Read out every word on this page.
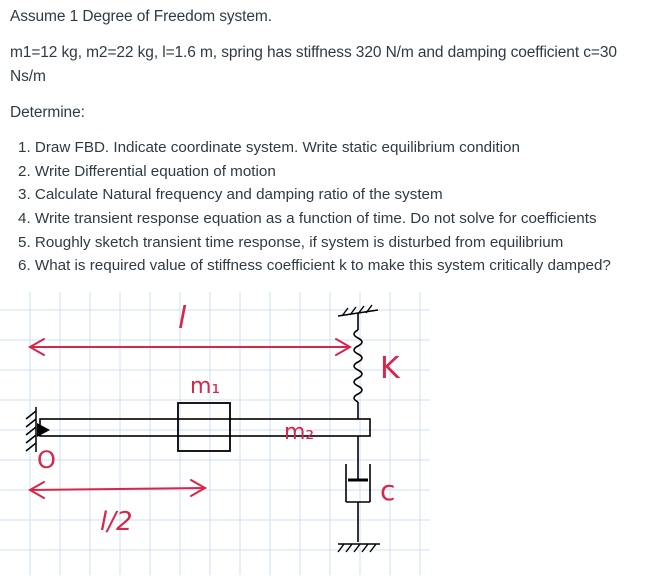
Assume 1 Degree of Freedom system.
m1=12 kg, m2=22 kg, l=1.6 m, spring has stiffness 320 N/m and damping coefficient c=30
Ns/m
Determine:
1. Draw FBD. Indicate coordinate system. Write static equilibrium condition
2. Write Differential equation of motion
3. Calculate Natural frequency and damping ratio of the system
4. Write transient response equation as a function of time. Do not solve for coefficients
5. Roughly sketch transient time response, if system is disturbed from equilibrium
6. What is required value of stiffness coefficient k to make this system critically damped?
l
l/2
O
m₁
m₂
K
c
